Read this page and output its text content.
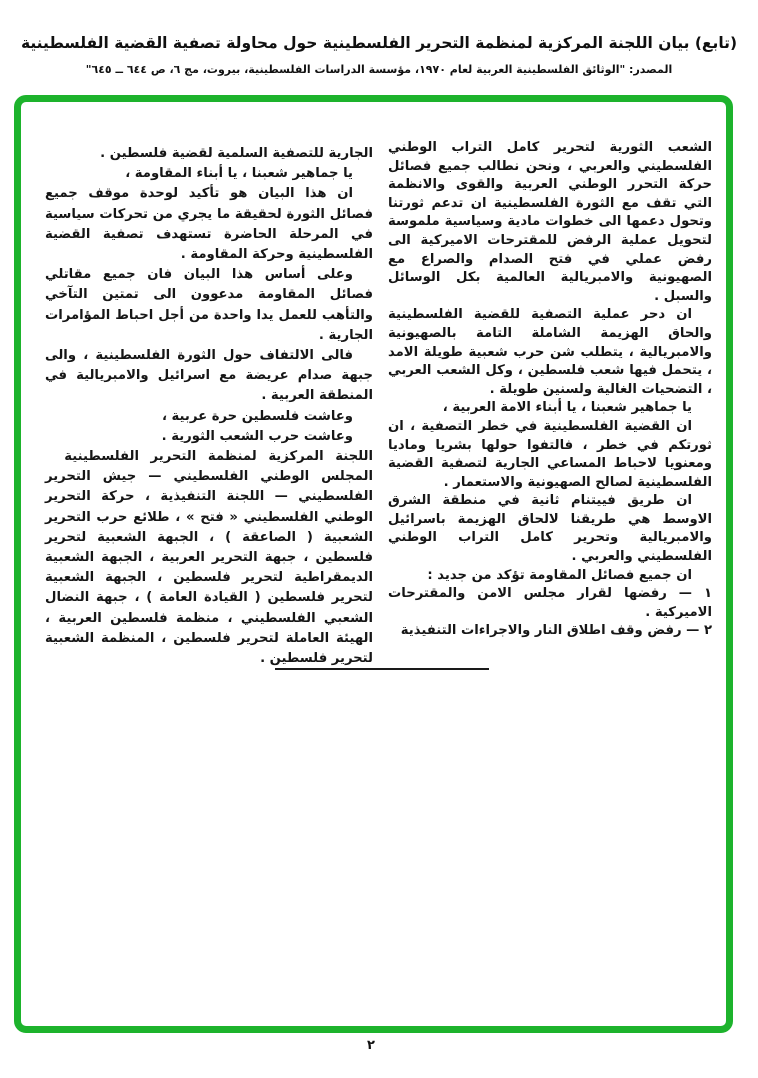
(تابع) بيان اللجنة المركزية لمنظمة التحرير الفلسطينية حول محاولة تصفية القضية الفلسطينية
المصدر: "الوثائق الفلسطينية العربية لعام ١٩٧٠، مؤسسة الدراسات الفلسطينية، بيروت، مج ٦، ص ٦٤٤ ــ ٦٤٥"

الشعب الثورية لتحرير كامل التراب الوطني الفلسطيني والعربي ، ونحن نطالب جميع فصائل حركة التحرر الوطني العربية والقوى والانظمة التي تقف مع الثورة الفلسطينية ان تدعم ثورتنا وتحول دعمها الى خطوات مادية وسياسية ملموسة لتحويل عملية الرفض للمقترحات الاميركية الى رفض عملي في فتح الصدام والصراع مع الصهيونية والامبريالية العالمية بكل الوسائل والسبل .

ان دحر عملية التصفية للقضية الفلسطينية والحاق الهزيمة الشاملة التامة بالصهيونية والامبريالية ، يتطلب شن حرب شعبية طويلة الامد ، يتحمل فيها شعب فلسطين ، وكل الشعب العربي ، التضحيات الغالية ولسنين طويلة .

يا جماهير شعبنا ، يا أبناء الامة العربية ،

ان القضية الفلسطينية في خطر التصفية ، ان ثورتكم في خطر ، فالتفوا حولها بشريا وماديا ومعنويا لاحباط المساعي الجارية لتصفية القضية الفلسطينية لصالح الصهيونية والاستعمار .

ان طريق فييتنام ثانية في منطقة الشرق الاوسط هي طريقنا لالحاق الهزيمة باسرائيل والامبريالية وتحرير كامل التراب الوطني الفلسطيني والعربي .

ان جميع فصائل المقاومة تؤكد من جديد :

١ — رفضها لقرار مجلس الامن والمقترحات الاميركية .

٢ — رفض وقف اطلاق النار والاجراءات التنفيذية

الجارية للتصفية السلمية لقضية فلسطين .

يا جماهير شعبنا ، يا أبناء المقاومة ،

ان هذا البيان هو تأكيد لوحدة موقف جميع فصائل الثورة لحقيقة ما يجري من تحركات سياسية في المرحلة الحاضرة تستهدف تصفية القضية الفلسطينية وحركة المقاومة .

وعلى أساس هذا البيان فان جميع مقاتلي فصائل المقاومة مدعوون الى تمتين التآخي والتأهب للعمل يدا واحدة من أجل احباط المؤامرات الجارية .

فالى الالتفاف حول الثورة الفلسطينية ، والى جبهة صدام عريضة مع اسرائيل والامبريالية في المنطقة العربية .

وعاشت فلسطين حرة عربية ،

وعاشت حرب الشعب الثورية .

اللجنة المركزية لمنظمة التحرير الفلسطينية

المجلس الوطني الفلسطيني — جيش التحرير الفلسطيني — اللجنة التنفيذية ، حركة التحرير الوطني الفلسطيني « فتح » ، طلائع حرب التحرير الشعبية ( الصاعقة ) ، الجبهة الشعبية لتحرير فلسطين ، جبهة التحرير العربية ، الجبهة الشعبية الديمقراطية لتحرير فلسطين ، الجبهة الشعبية لتحرير فلسطين ( القيادة العامة ) ، جبهة النضال الشعبي الفلسطيني ، منظمة فلسطين العربية ، الهيئة العاملة لتحرير فلسطين ، المنظمة الشعبية لتحرير فلسطين .

٢
